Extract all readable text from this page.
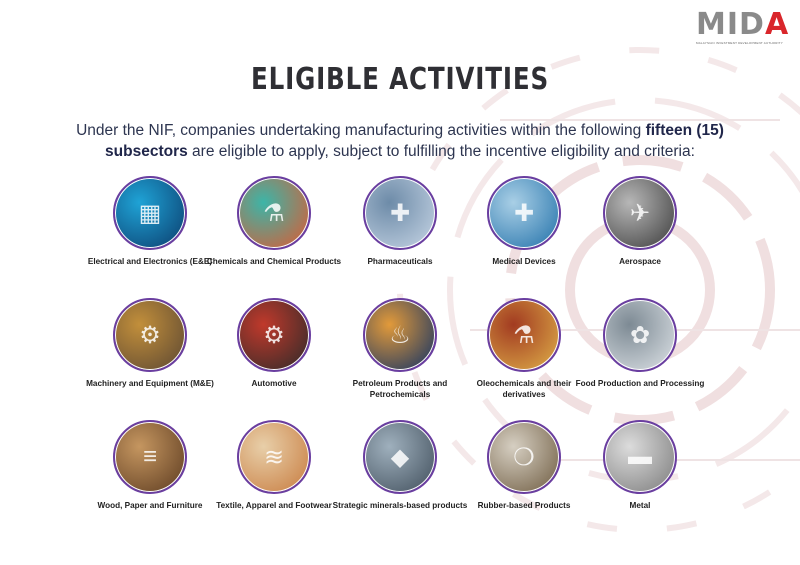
M I D A
MALAYSIAN INVESTMENT DEVELOPMENT AUTHORITY
ELIGIBLE ACTIVITIES
Under the NIF, companies undertaking manufacturing activities within the following fifteen (15) subsectors are eligible to apply, subject to fulfilling the incentive eligibility and criteria:
▦
Electrical and Electronics (E&E)
⚗
Chemicals and Chemical Products
✚
Pharmaceuticals
✚
Medical Devices
✈
Aerospace
⚙
Machinery and Equipment (M&E)
⚙
Automotive
♨
Petroleum Products and Petrochemicals
⚗
Oleochemicals and their derivatives
✿
Food Production and Processing
≡
Wood, Paper and Furniture
≋
Textile, Apparel and Footwear
◆
Strategic minerals-based products
❍
Rubber-based Products
▬
Metal
